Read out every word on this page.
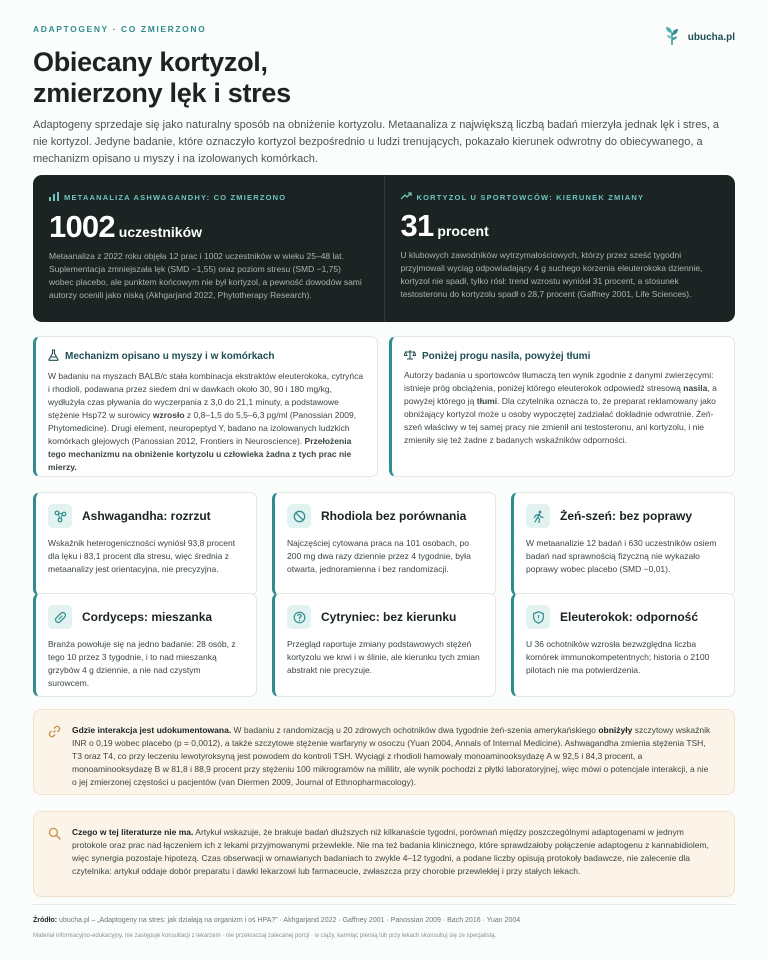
ADAPTOGENY · CO ZMIERZONO
ubucha.pl
Obiecany kortyzol,
zmierzony lęk i stres

Adaptogeny sprzedaje się jako naturalny sposób na obniżenie kortyzolu. Metaanaliza z największą liczbą badań mierzyła jednak lęk i stres, a nie kortyzol. Jedyne badanie, które oznaczyło kortyzol bezpośrednio u ludzi trenujących, pokazało kierunek odwrotny do obiecywanego, a mechanizm opisano u myszy i na izolowanych komórkach.

METAANALIZA ASHWAGANDHY: CO ZMIERZONO
1002 uczestników

Metaanaliza z 2022 roku objęła 12 prac i 1002 uczestników w wieku 25–48 lat. Suplementacja zmniejszała lęk (SMD −1,55) oraz poziom stresu (SMD −1,75) wobec placebo, ale punktem końcowym nie był kortyzol, a pewność dowodów sami autorzy ocenili jako niską (Akhgarjand 2022, Phytotherapy Research).

KORTYZOL U SPORTOWCÓW: KIERUNEK ZMIANY
31 procent

U klubowych zawodników wytrzymałościowych, którzy przez sześć tygodni przyjmowali wyciąg odpowiadający 4 g suchego korzenia eleuterokoka dziennie, kortyzol nie spadł, tylko rósł: trend wzrostu wyniósł 31 procent, a stosunek testosteronu do kortyzolu spadł o 28,7 procent (Gaffney 2001, Life Sciences).

Mechanizm opisano u myszy i w komórkach

W badaniu na myszach BALB/c stała kombinacja ekstraktów eleuterokoka, cytryńca i rhodioli, podawana przez siedem dni w dawkach około 30, 90 i 180 mg/kg, wydłużyła czas pływania do wyczerpania z 3,0 do 21,1 minuty, a podstawowe stężenie Hsp72 w surowicy wzrosło z 0,8–1,5 do 5,5–6,3 pg/ml (Panossian 2009, Phytomedicine). Drugi element, neuropeptyd Y, badano na izolowanych ludzkich komórkach glejowych (Panossian 2012, Frontiers in Neuroscience). Przełożenia tego mechanizmu na obniżenie kortyzolu u człowieka żadna z tych prac nie mierzy.

Poniżej progu nasila, powyżej tłumi

Autorzy badania u sportowców tłumaczą ten wynik zgodnie z danymi zwierzęcymi: istnieje próg obciążenia, poniżej którego eleuterokok odpowiedź stresową nasila, a powyżej którego ją tłumi. Dla czytelnika oznacza to, że preparat reklamowany jako obniżający kortyzol może u osoby wypoczętej zadziałać dokładnie odwrotnie. Żeń-szeń właściwy w tej samej pracy nie zmienił ani testosteronu, ani kortyzolu, i nie zmieniły się też żadne z badanych wskaźników odporności.

Ashwagandha: rozrzut

Wskaźnik heterogeniczności wyniósł 93,8 procent dla lęku i 83,1 procent dla stresu, więc średnia z metaanalizy jest orientacyjna, nie precyzyjna.

Rhodiola bez porównania

Najczęściej cytowana praca na 101 osobach, po 200 mg dwa razy dziennie przez 4 tygodnie, była otwarta, jednoramienna i bez randomizacji.

Żeń-szeń: bez poprawy

W metaanalizie 12 badań i 630 uczestników osiem badań nad sprawnością fizyczną nie wykazało poprawy wobec placebo (SMD −0,01).

Cordyceps: mieszanka

Branża powołuje się na jedno badanie: 28 osób, z tego 10 przez 3 tygodnie, i to nad mieszanką grzybów 4 g dziennie, a nie nad czystym surowcem.

Cytryniec: bez kierunku

Przegląd raportuje zmiany podstawowych stężeń kortyzolu we krwi i w ślinie, ale kierunku tych zmian abstrakt nie precyzuje.

Eleuterokok: odporność

U 36 ochotników wzrosła bezwzględna liczba komórek immunokompetentnych; historia o 2100 pilotach nie ma potwierdzenia.

Gdzie interakcja jest udokumentowana. W badaniu z randomizacją u 20 zdrowych ochotników dwa tygodnie żeń-szenia amerykańskiego obniżyły szczytowy wskaźnik INR o 0,19 wobec placebo (p = 0,0012), a także szczytowe stężenie warfaryny w osoczu (Yuan 2004, Annals of Internal Medicine). Ashwagandha zmienia stężenia TSH, T3 oraz T4, co przy leczeniu lewotyroksyną jest powodem do kontroli TSH. Wyciągi z rhodioli hamowały monoaminooksydazę A w 92,5 i 84,3 procent, a monoaminooksydazę B w 81,8 i 88,9 procent przy stężeniu 100 mikrogramów na mililitr, ale wynik pochodzi z płytki laboratoryjnej, więc mówi o potencjale interakcji, a nie o jej zmierzonej częstości u pacjentów (van Diermen 2009, Journal of Ethnopharmacology).

Czego w tej literaturze nie ma. Artykuł wskazuje, że brakuje badań dłuższych niż kilkanaście tygodni, porównań między poszczególnymi adaptogenami w jednym protokole oraz prac nad łączeniem ich z lekami przyjmowanymi przewlekle. Nie ma też badania klinicznego, które sprawdzałoby połączenie adaptogenu z kannabidiolem, więc synergia pozostaje hipotezą. Czas obserwacji w omawianych badaniach to zwykle 4–12 tygodni, a podane liczby opisują protokoły badawcze, nie zalecenie dla czytelnika: artykuł oddaje dobór preparatu i dawki lekarzowi lub farmaceucie, zwłaszcza przy chorobie przewlekłej i przy stałych lekach.

Źródło: ubucha.pl – „Adaptogeny na stres: jak działają na organizm i oś HPA?” · Akhgarjand 2022 · Gaffney 2001 · Panossian 2009 · Bach 2016 · Yuan 2004

Materiał informacyjno-edukacyjny, nie zastępuje konsultacji z lekarzem · nie przekraczaj zalecanej porcji · w ciąży, karmiąc piersią lub przy lekach skonsultuj się ze specjalistą.
